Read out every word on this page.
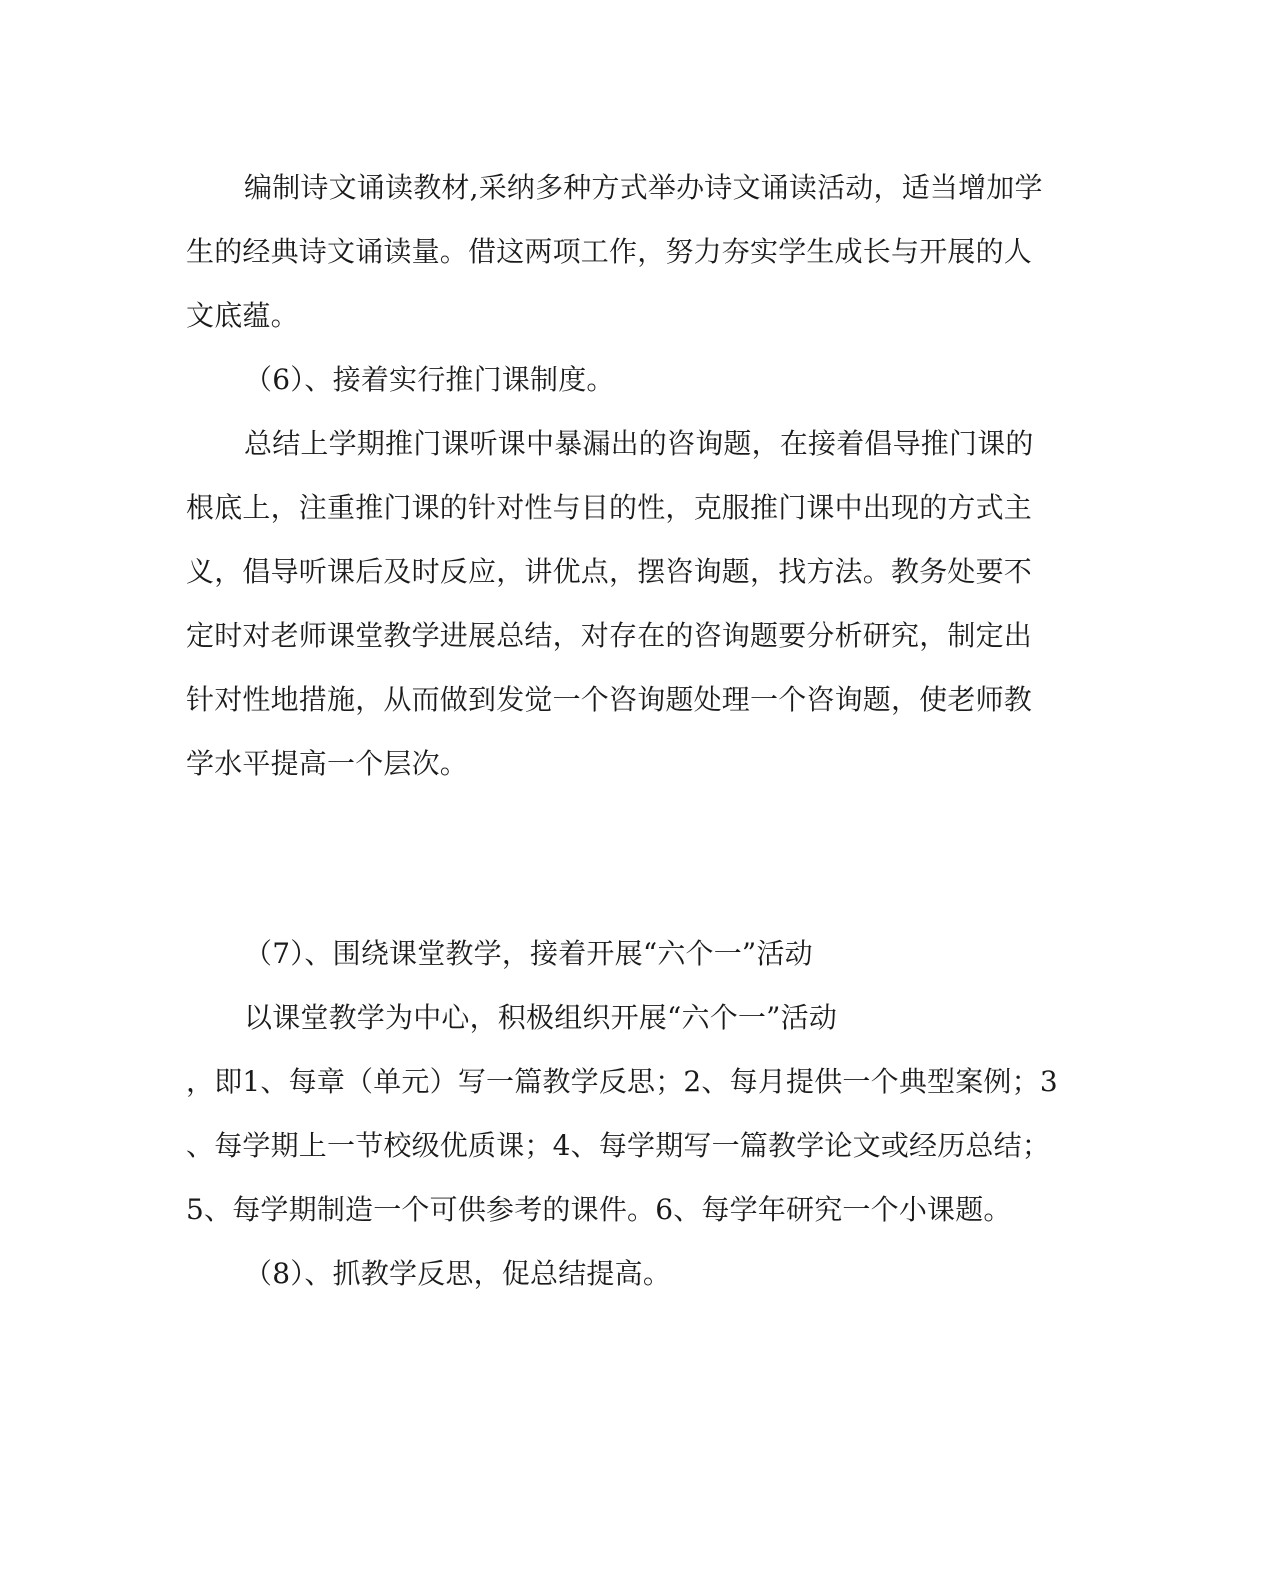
编制诗文诵读教材,采纳多种方式举办诗文诵读活动，适当增加学
生的经典诗文诵读量。借这两项工作，努力夯实学生成长与开展的人
文底蕴。
（6）、接着实行推门课制度。
总结上学期推门课听课中暴漏出的咨询题，在接着倡导推门课的
根底上，注重推门课的针对性与目的性，克服推门课中出现的方式主
义，倡导听课后及时反应，讲优点，摆咨询题，找方法。教务处要不
定时对老师课堂教学进展总结，对存在的咨询题要分析研究，制定出
针对性地措施，从而做到发觉一个咨询题处理一个咨询题，使老师教
学水平提高一个层次。
（7）、围绕课堂教学，接着开展“六个一”活动
以课堂教学为中心，积极组织开展“六个一”活动
，即1、每章（单元）写一篇教学反思；2、每月提供一个典型案例；3
、每学期上一节校级优质课；4、每学期写一篇教学论文或经历总结；
5、每学期制造一个可供参考的课件。6、每学年研究一个小课题。
（8）、抓教学反思，促总结提高。
